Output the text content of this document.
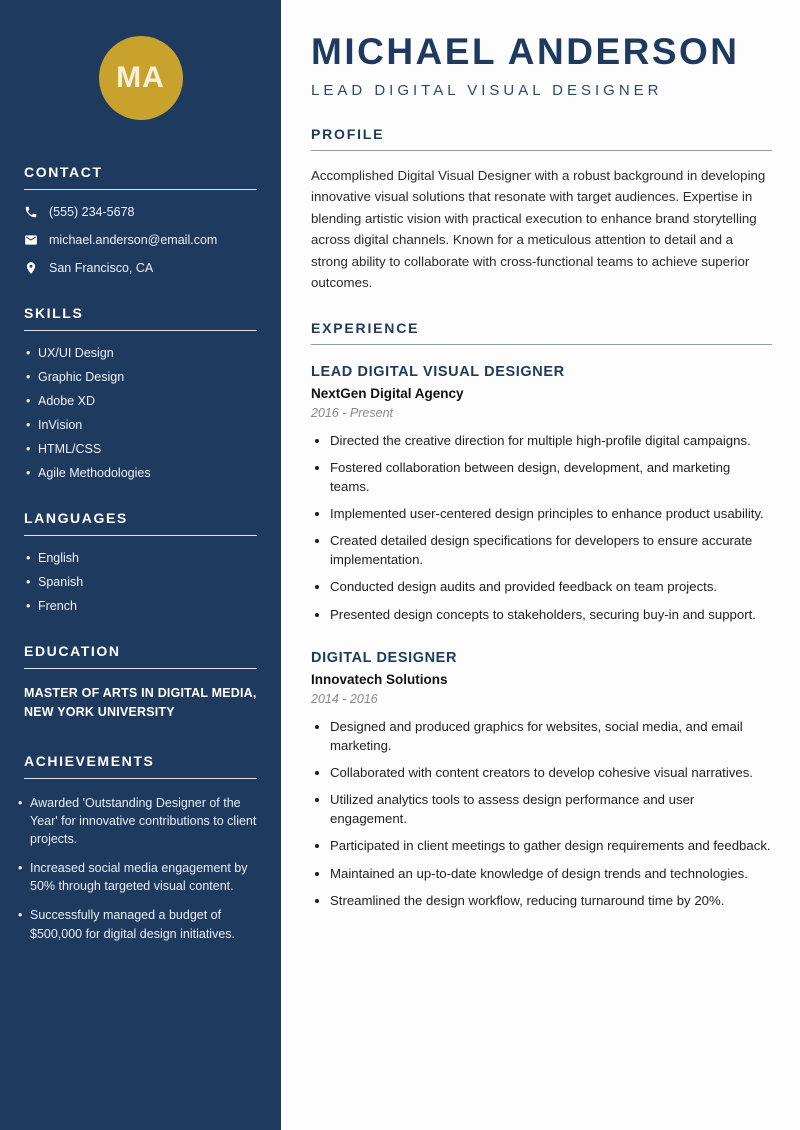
MA
CONTACT
(555) 234-5678
michael.anderson@email.com
San Francisco, CA
SKILLS
• UX/UI Design
• Graphic Design
• Adobe XD
• InVision
• HTML/CSS
• Agile Methodologies
LANGUAGES
• English
• Spanish
• French
EDUCATION
MASTER OF ARTS IN DIGITAL MEDIA,
NEW YORK UNIVERSITY
ACHIEVEMENTS
• Awarded 'Outstanding Designer of the Year' for innovative contributions to client projects.
• Increased social media engagement by 50% through targeted visual content.
• Successfully managed a budget of $500,000 for digital design initiatives.
MICHAEL ANDERSON
LEAD DIGITAL VISUAL DESIGNER
PROFILE

Accomplished Digital Visual Designer with a robust background in developing innovative visual solutions that resonate with target audiences. Expertise in blending artistic vision with practical execution to enhance brand storytelling across digital channels. Known for a meticulous attention to detail and a strong ability to collaborate with cross-functional teams to achieve superior outcomes.

EXPERIENCE
LEAD DIGITAL VISUAL DESIGNER
NextGen Digital Agency
2016 - Present
• Directed the creative direction for multiple high-profile digital campaigns.
• Fostered collaboration between design, development, and marketing teams.
• Implemented user-centered design principles to enhance product usability.
• Created detailed design specifications for developers to ensure accurate implementation.
• Conducted design audits and provided feedback on team projects.
• Presented design concepts to stakeholders, securing buy-in and support.
DIGITAL DESIGNER
Innovatech Solutions
2014 - 2016
• Designed and produced graphics for websites, social media, and email marketing.
• Collaborated with content creators to develop cohesive visual narratives.
• Utilized analytics tools to assess design performance and user engagement.
• Participated in client meetings to gather design requirements and feedback.
• Maintained an up-to-date knowledge of design trends and technologies.
• Streamlined the design workflow, reducing turnaround time by 20%.
